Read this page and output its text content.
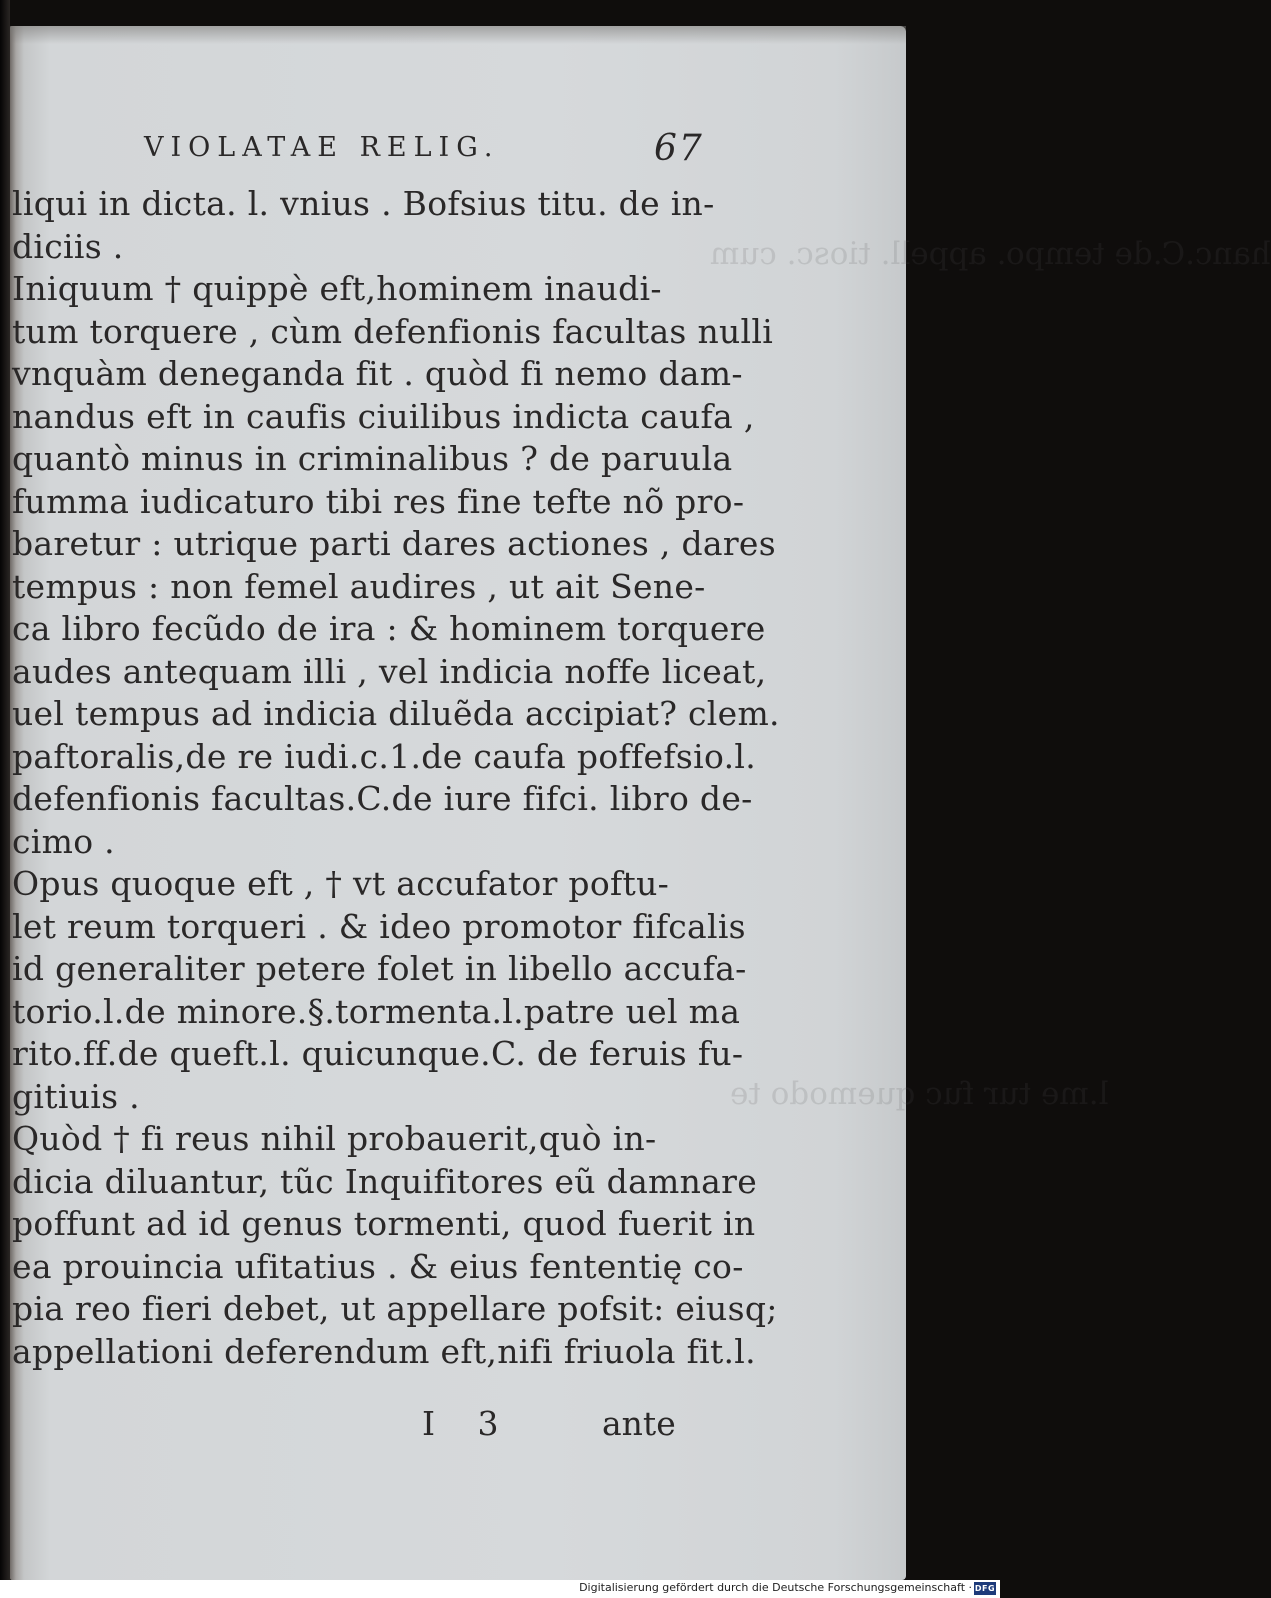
hanc.C.de tempo. appell. tiosc. cum
l.me tur fuc quemodo te
VIOLATAE RELIG.	67
liqui in dicta. l. vnius . Bofsius titu. de in-
diciis .
Iniquum † quippè eft,hominem inaudi-
tum torquere , cùm defenfionis facultas nulli
vnquàm deneganda fit . quòd fi nemo dam-
nandus eft in caufis ciuilibus indicta caufa ,
quantò minus in criminalibus ? de paruula
fumma iudicaturo tibi res fine tefte nõ pro-
baretur : utrique parti dares actiones , dares
tempus : non femel audires , ut ait Sene-
ca libro fecũdo de ira : & hominem torquere
audes antequam illi , vel indicia noffe liceat,
uel tempus ad indicia diluẽda accipiat? clem.
paftoralis,de re iudi.c.1.de caufa poffefsio.l.
defenfionis facultas.C.de iure fifci. libro de-
cimo .
Opus quoque eft , † vt accufator poftu-
let reum torqueri . & ideo promotor fifcalis
id generaliter petere folet in libello accufa-
torio.l.de minore.§.tormenta.l.patre uel ma
rito.ff.de queft.l. quicunque.C. de feruis fu-
gitiuis .
Quòd † fi reus nihil probauerit,quò in-
dicia diluantur, tũc Inquifitores eũ damnare
poffunt ad id genus tormenti, quod fuerit in
ea prouincia ufitatius . & eius fententię co-
pia reo fieri debet, ut appellare pofsit: eiusq;
appellationi deferendum eft,nifi friuola fit.l.
I 3	ante
Digitalisierung gefördert durch die Deutsche Forschungsgemeinschaft · DFG
